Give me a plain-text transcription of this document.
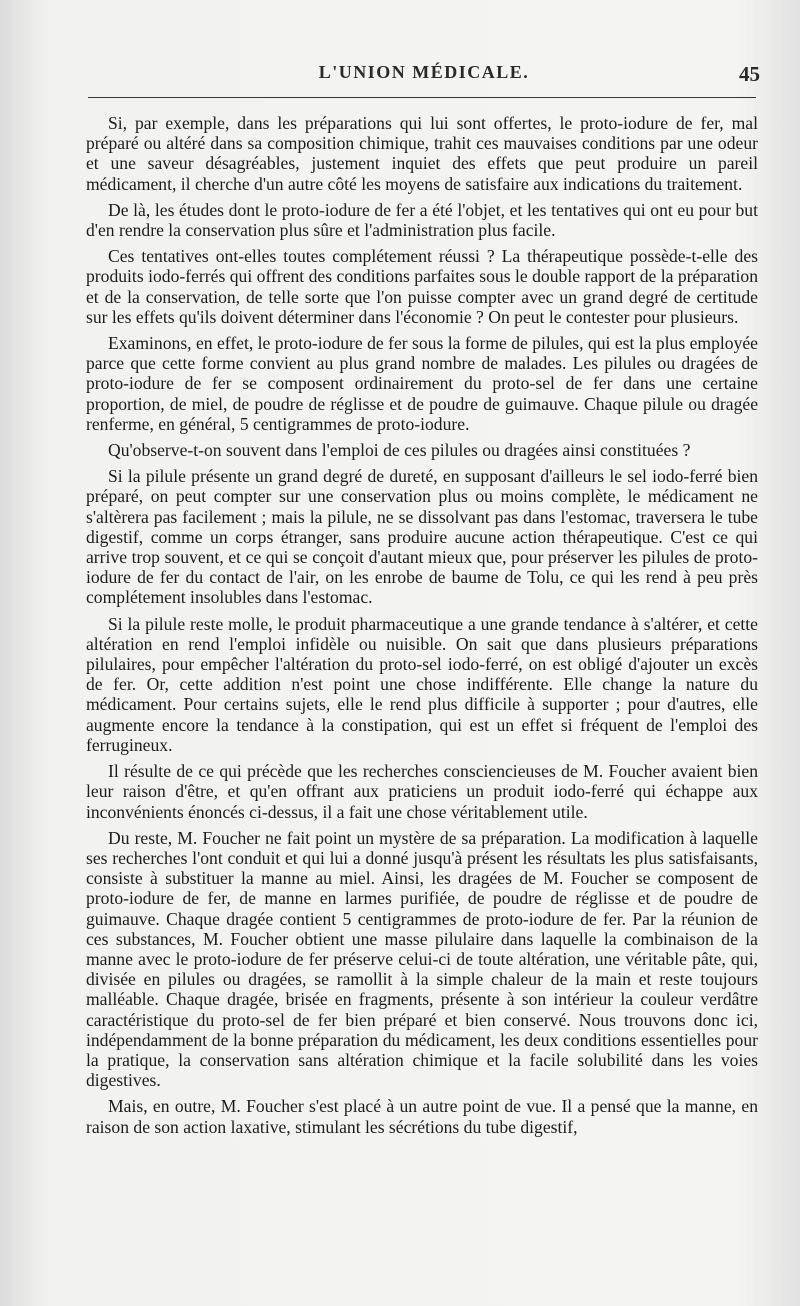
L'UNION MÉDICALE.	45

Si, par exemple, dans les préparations qui lui sont offertes, le proto-iodure de fer, mal préparé ou altéré dans sa composition chimique, trahit ces mauvaises conditions par une odeur et une saveur désagréables, justement inquiet des effets que peut produire un pareil médicament, il cherche d'un autre côté les moyens de satisfaire aux indications du traitement.

De là, les études dont le proto-iodure de fer a été l'objet, et les tentatives qui ont eu pour but d'en rendre la conservation plus sûre et l'administration plus facile.

Ces tentatives ont-elles toutes complétement réussi ? La thérapeutique possède-t-elle des produits iodo-ferrés qui offrent des conditions parfaites sous le double rapport de la préparation et de la conservation, de telle sorte que l'on puisse compter avec un grand degré de certitude sur les effets qu'ils doivent déterminer dans l'économie ? On peut le contester pour plusieurs.

Examinons, en effet, le proto-iodure de fer sous la forme de pilules, qui est la plus employée parce que cette forme convient au plus grand nombre de malades. Les pilules ou dragées de proto-iodure de fer se composent ordinairement du proto-sel de fer dans une certaine proportion, de miel, de poudre de réglisse et de poudre de guimauve. Chaque pilule ou dragée renferme, en général, 5 centigrammes de proto-iodure.

Qu'observe-t-on souvent dans l'emploi de ces pilules ou dragées ainsi constituées ?

Si la pilule présente un grand degré de dureté, en supposant d'ailleurs le sel iodo-ferré bien préparé, on peut compter sur une conservation plus ou moins complète, le médicament ne s'altèrera pas facilement ; mais la pilule, ne se dissolvant pas dans l'estomac, traversera le tube digestif, comme un corps étranger, sans produire aucune action thérapeutique. C'est ce qui arrive trop souvent, et ce qui se conçoit d'autant mieux que, pour préserver les pilules de proto-iodure de fer du contact de l'air, on les enrobe de baume de Tolu, ce qui les rend à peu près complétement insolubles dans l'estomac.

Si la pilule reste molle, le produit pharmaceutique a une grande tendance à s'altérer, et cette altération en rend l'emploi infidèle ou nuisible. On sait que dans plusieurs préparations pilulaires, pour empêcher l'altération du proto-sel iodo-ferré, on est obligé d'ajouter un excès de fer. Or, cette addition n'est point une chose indifférente. Elle change la nature du médicament. Pour certains sujets, elle le rend plus difficile à supporter ; pour d'autres, elle augmente encore la tendance à la constipation, qui est un effet si fréquent de l'emploi des ferrugineux.

Il résulte de ce qui précède que les recherches consciencieuses de M. Foucher avaient bien leur raison d'être, et qu'en offrant aux praticiens un produit iodo-ferré qui échappe aux inconvénients énoncés ci-dessus, il a fait une chose véritablement utile.

Du reste, M. Foucher ne fait point un mystère de sa préparation. La modification à laquelle ses recherches l'ont conduit et qui lui a donné jusqu'à présent les résultats les plus satisfaisants, consiste à substituer la manne au miel. Ainsi, les dragées de M. Foucher se composent de proto-iodure de fer, de manne en larmes purifiée, de poudre de réglisse et de poudre de guimauve. Chaque dragée contient 5 centigrammes de proto-iodure de fer. Par la réunion de ces substances, M. Foucher obtient une masse pilulaire dans laquelle la combinaison de la manne avec le proto-iodure de fer préserve celui-ci de toute altération, une véritable pâte, qui, divisée en pilules ou dragées, se ramollit à la simple chaleur de la main et reste toujours malléable. Chaque dragée, brisée en fragments, présente à son intérieur la couleur verdâtre caractéristique du proto-sel de fer bien préparé et bien conservé. Nous trouvons donc ici, indépendamment de la bonne préparation du médicament, les deux conditions essentielles pour la pratique, la conservation sans altération chimique et la facile solubilité dans les voies digestives.

Mais, en outre, M. Foucher s'est placé à un autre point de vue. Il a pensé que la manne, en raison de son action laxative, stimulant les sécrétions du tube digestif,
